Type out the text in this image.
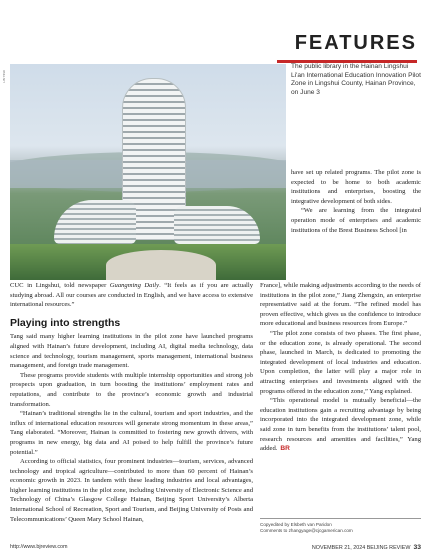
FEATURES
LIN YINJI
The public library in the Hainan Lingshui Li'an International Education Innovation Pilot Zone in Lingshui County, Hainan Province, on June 3

have set up related programs. The pilot zone is expected to be home to both academic institutions and enterprises, boosting the integrative development of both sides.

“We are learning from the integrated operation mode of enterprises and academic institutions of the Brest Business School [in

CUC in Lingshui, told newspaper Guangming Daily. “It feels as if you are actually studying abroad. All our courses are conducted in English, and we have access to extensive international resources.”

Playing into strengths

Tang said many higher learning institutions in the pilot zone have launched programs aligned with Hainan’s future development, including AI, digital media technology, data science and technology, tourism management, sports management, international business management, and foreign trade management.

These programs provide students with multiple internship opportunities and strong job prospects upon graduation, in turn boosting the institutions’ employment rates and reputations, and contribute to the province’s economic growth and industrial transformation.

“Hainan’s traditional strengths lie in the cultural, tourism and sport industries, and the influx of international education resources will generate strong momentum in these areas,” Tang elaborated. “Moreover, Hainan is committed to fostering new growth drivers, with programs in new energy, big data and AI poised to help fulfill the province’s future potential.”

According to official statistics, four prominent industries—tourism, services, advanced technology and tropical agriculture—contributed to more than 60 percent of Hainan’s economic growth in 2023. In tandem with these leading industries and local advantages, higher learning institutions in the pilot zone, including University of Electronic Science and Technology of China’s Glasgow College Hainan, Beijing Sport University’s Alberta International School of Recreation, Sport and Tourism, and Beijing University of Posts and Telecommunications’ Queen Mary School Hainan,

France], while making adjustments according to the needs of institutions in the pilot zone,” Jiang Zhengxin, an enterprise representative said at the forum. “The refined model has proven effective, which gives us the confidence to introduce more educational and business resources from Europe.”

“The pilot zone consists of two phases. The first phase, or the education zone, is already operational. The second phase, launched in March, is dedicated to promoting the integrated development of local industries and education. Upon completion, the latter will play a major role in attracting enterprises and investments aligned with the programs offered in the education zone,” Yang explained.

“This operational model is mutually beneficial—the education institutions gain a recruiting advantage by being incorporated into the integrated development zone, while said zone in turn benefits from the institutions’ talent pool, research resources and amenities and facilities,” Yang added. BR

Copyedited by Elsbeth van Paridon
Comments to zhangyage@cjcgamerican.com
http://www.bjreview.com	NOVEMBER 21, 2024 BEIJING REVIEW 33
